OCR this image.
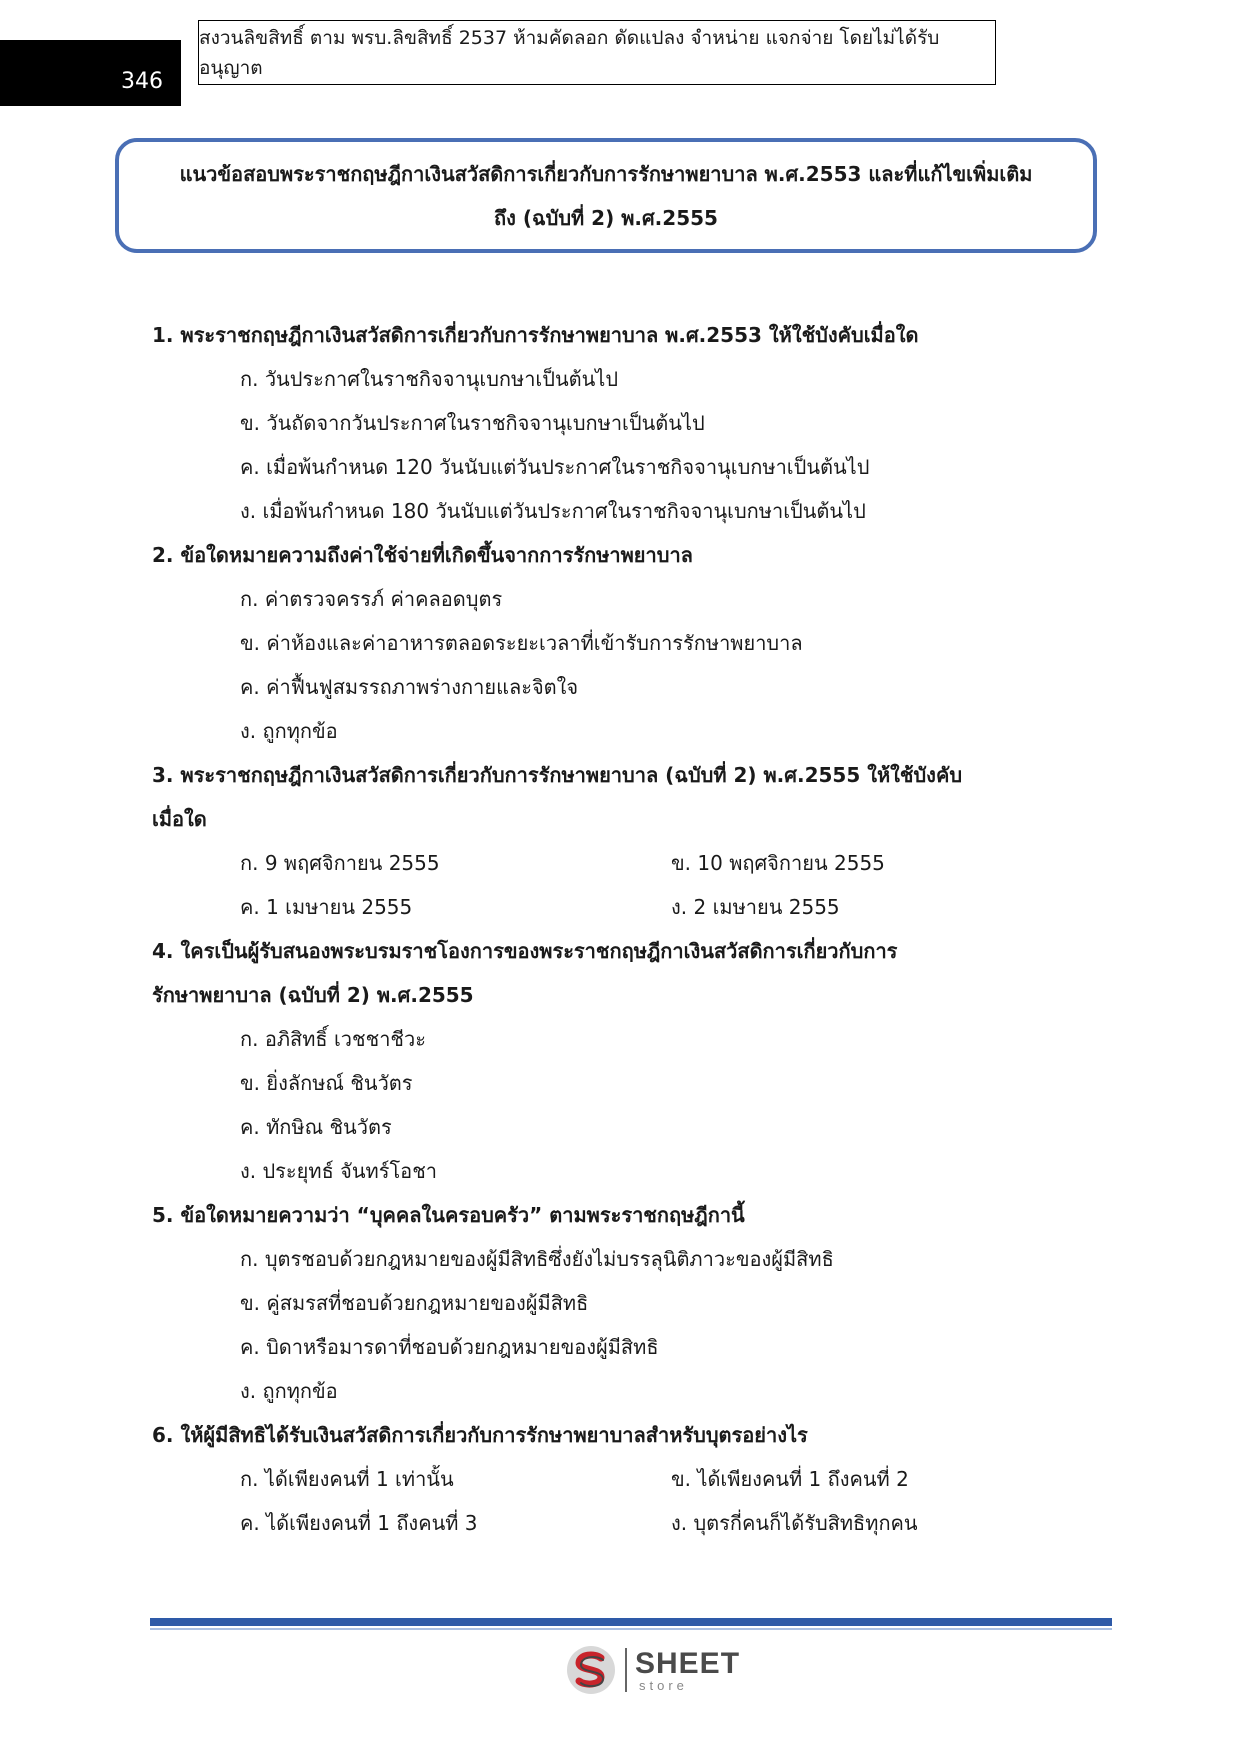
346
สงวนลิขสิทธิ์ ตาม พรบ.ลิขสิทธิ์ 2537 ห้ามคัดลอก ดัดแปลง จำหน่าย แจกจ่าย โดยไม่ได้รับอนุญาต
แนวข้อสอบพระราชกฤษฎีกาเงินสวัสดิการเกี่ยวกับการรักษาพยาบาล พ.ศ.2553 และที่แก้ไขเพิ่มเติม
ถึง (ฉบับที่ 2) พ.ศ.2555
1. พระราชกฤษฎีกาเงินสวัสดิการเกี่ยวกับการรักษาพยาบาล พ.ศ.2553 ให้ใช้บังคับเมื่อใด
ก. วันประกาศในราชกิจจานุเบกษาเป็นต้นไป
ข. วันถัดจากวันประกาศในราชกิจจานุเบกษาเป็นต้นไป
ค. เมื่อพ้นกำหนด 120 วันนับแต่วันประกาศในราชกิจจานุเบกษาเป็นต้นไป
ง. เมื่อพ้นกำหนด 180 วันนับแต่วันประกาศในราชกิจจานุเบกษาเป็นต้นไป
2. ข้อใดหมายความถึงค่าใช้จ่ายที่เกิดขึ้นจากการรักษาพยาบาล
ก. ค่าตรวจครรภ์ ค่าคลอดบุตร
ข. ค่าห้องและค่าอาหารตลอดระยะเวลาที่เข้ารับการรักษาพยาบาล
ค. ค่าฟื้นฟูสมรรถภาพร่างกายและจิตใจ
ง. ถูกทุกข้อ
3. พระราชกฤษฎีกาเงินสวัสดิการเกี่ยวกับการรักษาพยาบาล (ฉบับที่ 2) พ.ศ.2555 ให้ใช้บังคับ
เมื่อใด
ก. 9 พฤศจิกายน 2555	ข. 10 พฤศจิกายน 2555
ค. 1 เมษายน 2555	ง. 2 เมษายน 2555
4. ใครเป็นผู้รับสนองพระบรมราชโองการของพระราชกฤษฎีกาเงินสวัสดิการเกี่ยวกับการ
รักษาพยาบาล (ฉบับที่ 2) พ.ศ.2555
ก. อภิสิทธิ์ เวชชาชีวะ
ข. ยิ่งลักษณ์ ชินวัตร
ค. ทักษิณ ชินวัตร
ง. ประยุทธ์ จันทร์โอชา
5. ข้อใดหมายความว่า “บุคคลในครอบครัว” ตามพระราชกฤษฎีกานี้
ก. บุตรชอบด้วยกฎหมายของผู้มีสิทธิซึ่งยังไม่บรรลุนิติภาวะของผู้มีสิทธิ
ข. คู่สมรสที่ชอบด้วยกฎหมายของผู้มีสิทธิ
ค. บิดาหรือมารดาที่ชอบด้วยกฎหมายของผู้มีสิทธิ
ง. ถูกทุกข้อ
6. ให้ผู้มีสิทธิได้รับเงินสวัสดิการเกี่ยวกับการรักษาพยาบาลสำหรับบุตรอย่างไร
ก. ได้เพียงคนที่ 1 เท่านั้น	ข. ได้เพียงคนที่ 1 ถึงคนที่ 2
ค. ได้เพียงคนที่ 1 ถึงคนที่ 3	ง. บุตรกี่คนก็ได้รับสิทธิทุกคน
SHEET
store
